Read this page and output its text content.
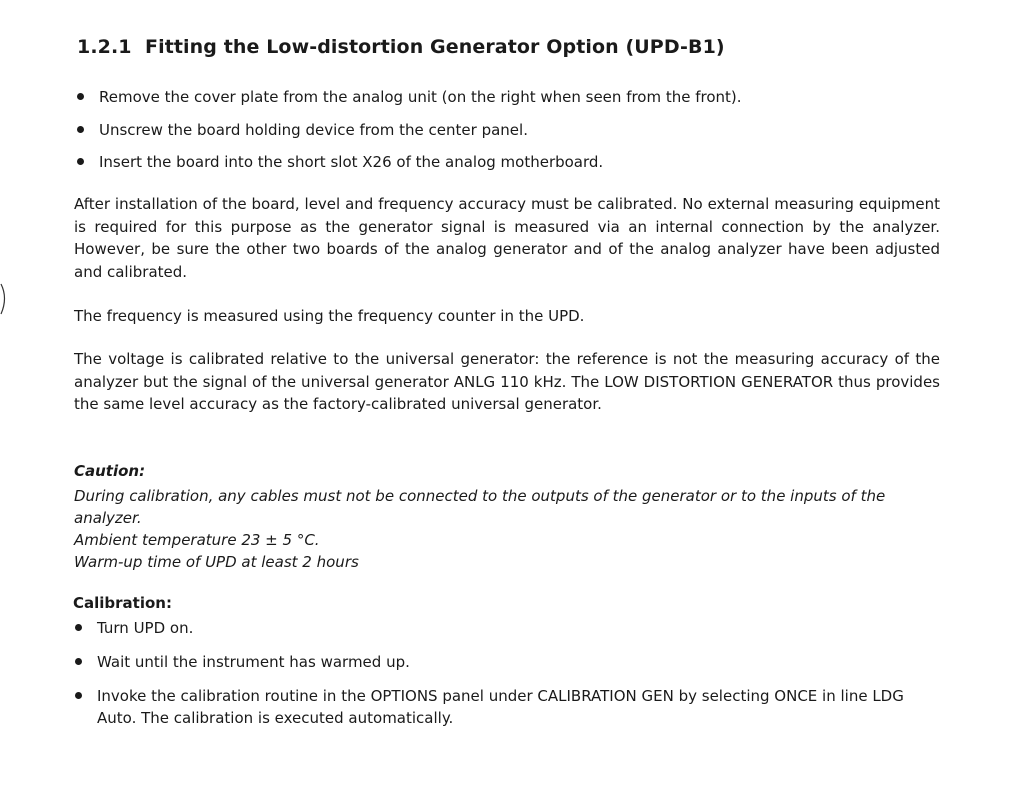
1.2.1 Fitting the Low-distortion Generator Option (UPD-B1)
Remove the cover plate from the analog unit (on the right when seen from the front).
Unscrew the board holding device from the center panel.
Insert the board into the short slot X26 of the analog motherboard.

After installation of the board, level and frequency accuracy must be calibrated. No external measuring equipment is required for this purpose as the generator signal is measured via an internal connection by the analyzer. However, be sure the other two boards of the analog generator and of the analog analyzer have been adjusted and calibrated.

The frequency is measured using the frequency counter in the UPD.

The voltage is calibrated relative to the universal generator: the reference is not the measuring accuracy of the analyzer but the signal of the universal generator ANLG 110 kHz. The LOW DISTORTION GENERATOR thus provides the same level accuracy as the factory-calibrated universal generator.

Caution:
During calibration, any cables must not be connected to the outputs of the generator or to the inputs of the analyzer.
Ambient temperature 23 ± 5 °C.
Warm-up time of UPD at least 2 hours
Calibration:
Turn UPD on.
Wait until the instrument has warmed up.
Invoke the calibration routine in the OPTIONS panel under CALIBRATION GEN by selecting ONCE in line LDG Auto. The calibration is executed automatically.
